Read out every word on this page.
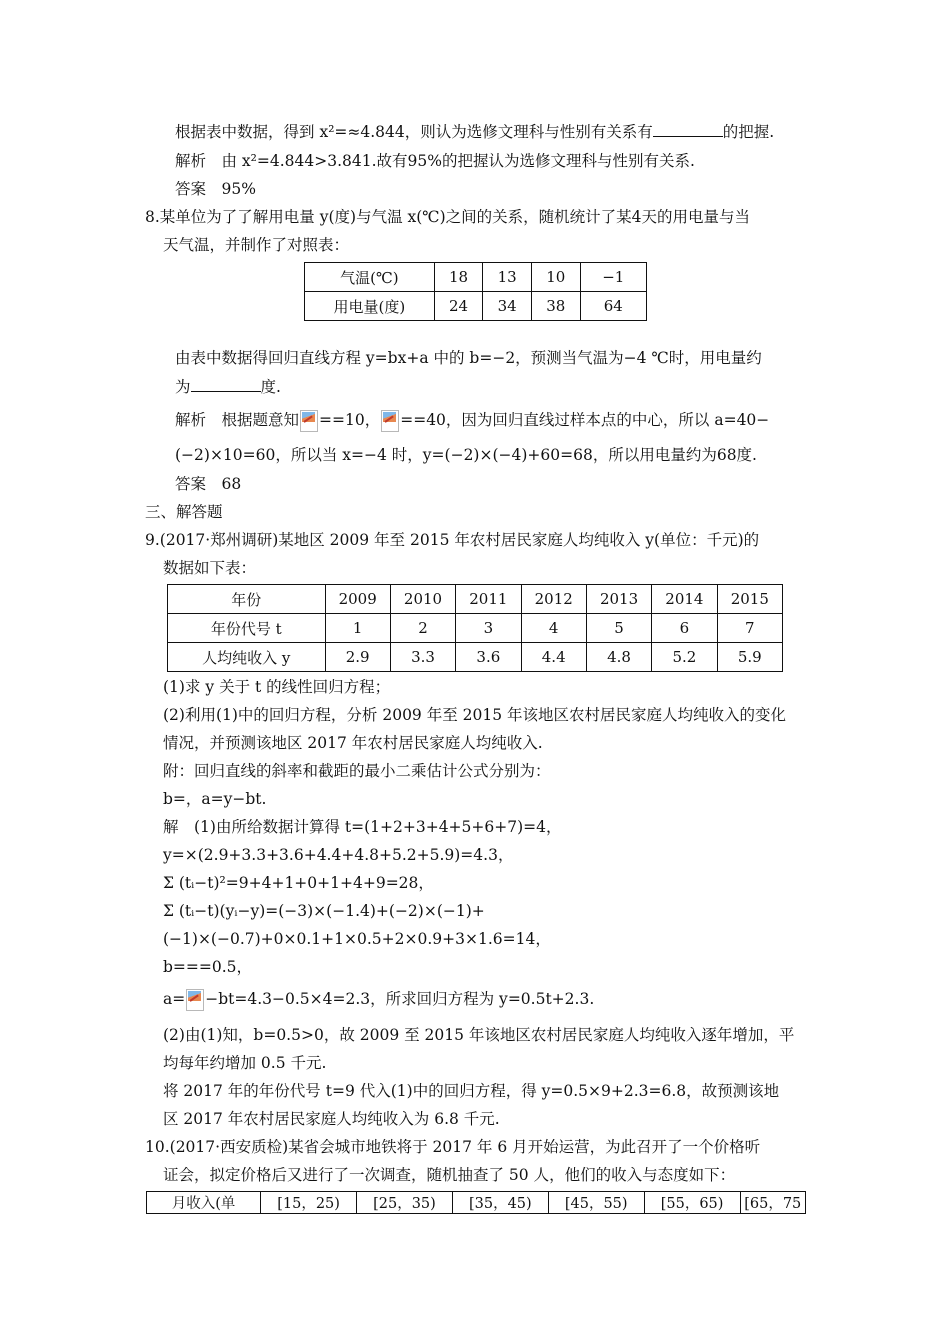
根据表中数据，得到 x²=≈4.844，则认为选修文理科与性别有关系有	的把握.
解析　由 x²=4.844>3.841.故有95%的把握认为选修文理科与性别有关系.
答案　95%
8.某单位为了了解用电量 y(度)与气温 x(℃)之间的关系，随机统计了某4天的用电量与当
天气温，并制作了对照表：
气温(℃)	18	13	10	−1
用电量(度)	24	34	38	64
由表中数据得回归直线方程 y=bx+a 中的 b=−2，预测当气温为−4 ℃时，用电量约
为	度.
解析　根据题意知 ==10， ==40，因为回归直线过样本点的中心，所以 a=40−
(−2)×10=60，所以当 x=−4 时，y=(−2)×(−4)+60=68，所以用电量约为68度.
答案　68
三、解答题
9.(2017·郑州调研)某地区 2009 年至 2015 年农村居民家庭人均纯收入 y(单位：千元)的
数据如下表：
年份	2009	2010	2011	2012	2013	2014	2015
年份代号 t	1	2	3	4	5	6	7
人均纯收入 y	2.9	3.3	3.6	4.4	4.8	5.2	5.9
(1)求 y 关于 t 的线性回归方程；
(2)利用(1)中的回归方程，分析 2009 年至 2015 年该地区农村居民家庭人均纯收入的变化
情况，并预测该地区 2017 年农村居民家庭人均纯收入.
附：回归直线的斜率和截距的最小二乘估计公式分别为：
b=，a=y−bt.
解　(1)由所给数据计算得 t=(1+2+3+4+5+6+7)=4，
y=×(2.9+3.3+3.6+4.4+4.8+5.2+5.9)=4.3，
Σ (tᵢ−t)²=9+4+1+0+1+4+9=28，
Σ (tᵢ−t)(yᵢ−y)=(−3)×(−1.4)+(−2)×(−1)+
(−1)×(−0.7)+0×0.1+1×0.5+2×0.9+3×1.6=14，
b===0.5，
a= −bt=4.3−0.5×4=2.3，所求回归方程为 y=0.5t+2.3.
(2)由(1)知，b=0.5>0，故 2009 至 2015 年该地区农村居民家庭人均纯收入逐年增加，平
均每年约增加 0.5 千元.
将 2017 年的年份代号 t=9 代入(1)中的回归方程，得 y=0.5×9+2.3=6.8，故预测该地
区 2017 年农村居民家庭人均纯收入为 6.8 千元.
10.(2017·西安质检)某省会城市地铁将于 2017 年 6 月开始运营，为此召开了一个价格听
证会，拟定价格后又进行了一次调查，随机抽查了 50 人，他们的收入与态度如下：
月收入(单	[15，25)	[25，35)	[35，45)	[45，55)	[55，65)	[65，75
